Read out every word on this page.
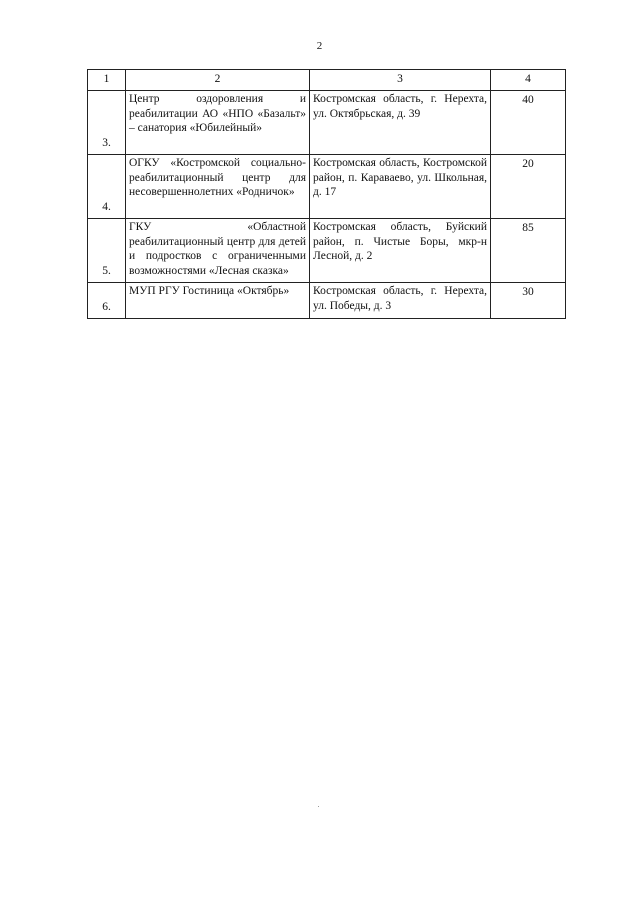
2
1	2	3	4
3.	Центр оздоровления и реабилитации АО «НПО «Базальт» – санатория «Юбилейный»	Костромская область, г. Нерехта, ул. Октябрьская, д. 39	40
4.	ОГКУ «Костромской социально-реабилитационный центр для несовершеннолетних «Родничок»	Костромская область, Костромской район, п. Караваево, ул. Школьная, д. 17	20
5.	ГКУ «Областной реабилитационный центр для детей и подростков с ограниченными возможностями «Лесная сказка»	Костромская область, Буйский район, п. Чистые Боры, мкр-н Лесной, д. 2	85
6.	МУП РГУ Гостиница «Октябрь»	Костромская область, г. Нерехта, ул. Победы, д. 3	30
